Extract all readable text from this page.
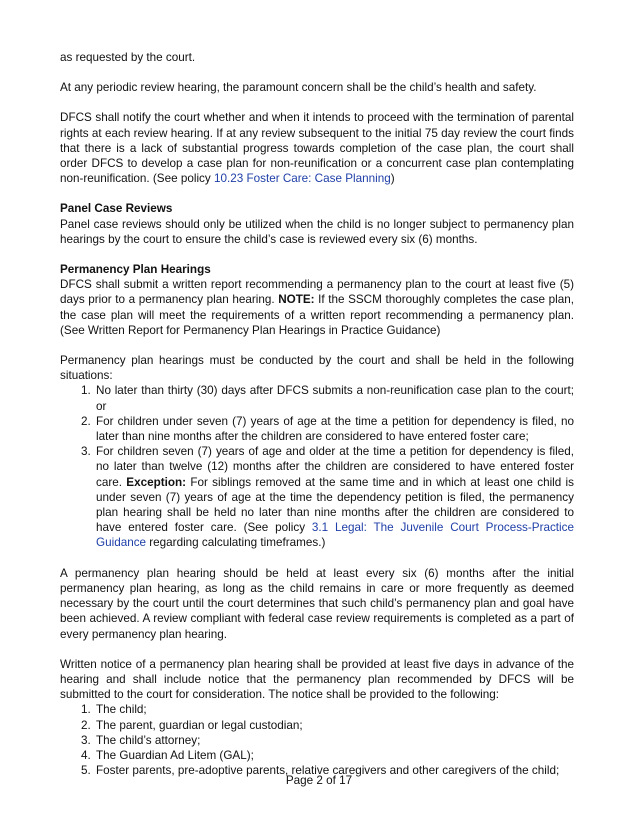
as requested by the court.

At any periodic review hearing, the paramount concern shall be the child’s health and safety.

DFCS shall notify the court whether and when it intends to proceed with the termination of parental rights at each review hearing. If at any review subsequent to the initial 75 day review the court finds that there is a lack of substantial progress towards completion of the case plan, the court shall order DFCS to develop a case plan for non-reunification or a concurrent case plan contemplating non-reunification. (See policy 10.23 Foster Care: Case Planning)

Panel Case Reviews
Panel case reviews should only be utilized when the child is no longer subject to permanency plan hearings by the court to ensure the child’s case is reviewed every six (6) months.

Permanency Plan Hearings
DFCS shall submit a written report recommending a permanency plan to the court at least five (5) days prior to a permanency plan hearing. NOTE: If the SSCM thoroughly completes the case plan, the case plan will meet the requirements of a written report recommending a permanency plan. (See Written Report for Permanency Plan Hearings in Practice Guidance)

Permanency plan hearings must be conducted by the court and shall be held in the following situations:

1. No later than thirty (30) days after DFCS submits a non-reunification case plan to the court; or
2. For children under seven (7) years of age at the time a petition for dependency is filed, no later than nine months after the children are considered to have entered foster care;
3. For children seven (7) years of age and older at the time a petition for dependency is filed, no later than twelve (12) months after the children are considered to have entered foster care. Exception: For siblings removed at the same time and in which at least one child is under seven (7) years of age at the time the dependency petition is filed, the permanency plan hearing shall be held no later than nine months after the children are considered to have entered foster care. (See policy 3.1 Legal: The Juvenile Court Process-Practice Guidance regarding calculating timeframes.)

A permanency plan hearing should be held at least every six (6) months after the initial permanency plan hearing, as long as the child remains in care or more frequently as deemed necessary by the court until the court determines that such child’s permanency plan and goal have been achieved. A review compliant with federal case review requirements is completed as a part of every permanency plan hearing.

Written notice of a permanency plan hearing shall be provided at least five days in advance of the hearing and shall include notice that the permanency plan recommended by DFCS will be submitted to the court for consideration. The notice shall be provided to the following:

1. The child;
2. The parent, guardian or legal custodian;
3. The child’s attorney;
4. The Guardian Ad Litem (GAL);
5. Foster parents, pre-adoptive parents, relative caregivers and other caregivers of the child;
Page 2 of 17
